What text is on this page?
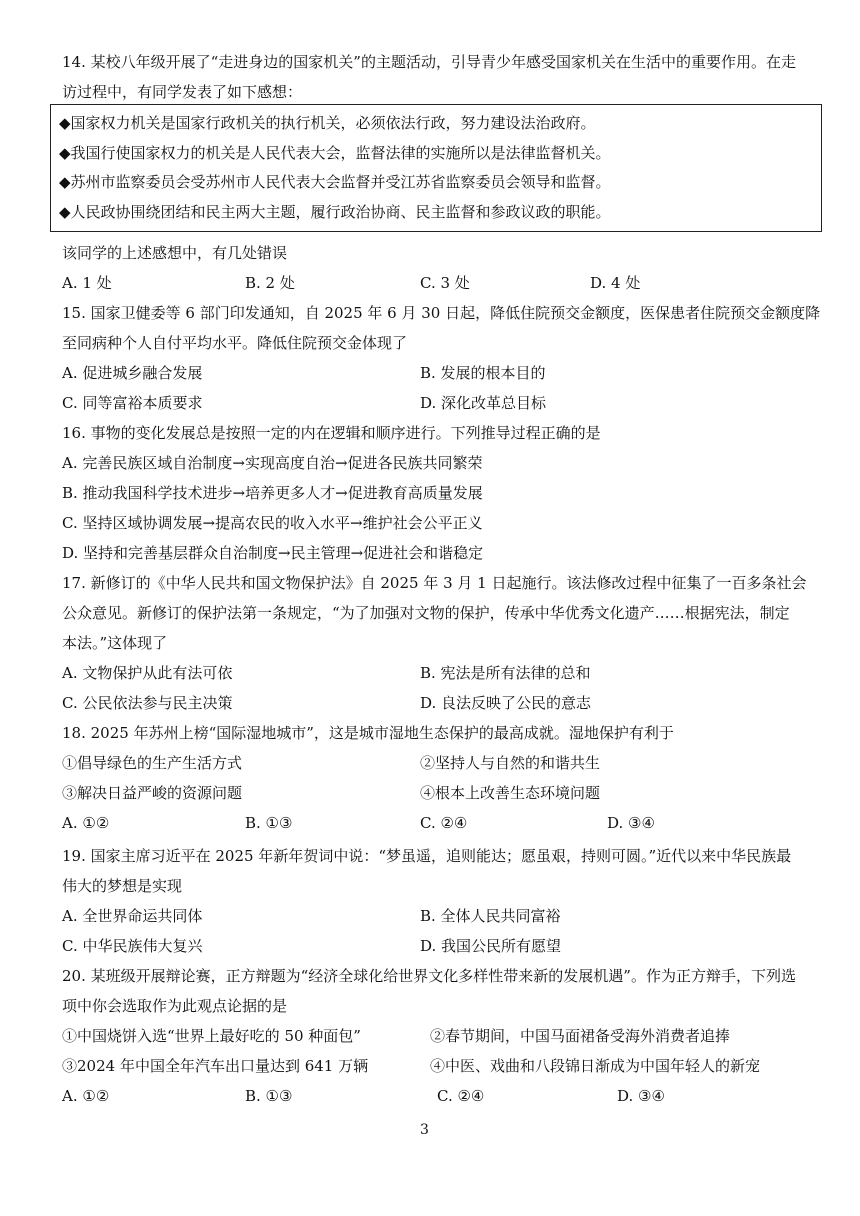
14. 某校八年级开展了“走进身边的国家机关”的主题活动，引导青少年感受国家机关在生活中的重要作用。在走
访过程中，有同学发表了如下感想：
◆国家权力机关是国家行政机关的执行机关，必须依法行政，努力建设法治政府。
◆我国行使国家权力的机关是人民代表大会，监督法律的实施所以是法律监督机关。
◆苏州市监察委员会受苏州市人民代表大会监督并受江苏省监察委员会领导和监督。
◆人民政协围绕团结和民主两大主题，履行政治协商、民主监督和参政议政的职能。
该同学的上述感想中，有几处错误
A. 1 处	B. 2 处	C. 3 处	D. 4 处
15. 国家卫健委等 6 部门印发通知，自 2025 年 6 月 30 日起，降低住院预交金额度，医保患者住院预交金额度降
至同病种个人自付平均水平。降低住院预交金体现了
A. 促进城乡融合发展	B. 发展的根本目的
C. 同等富裕本质要求	D. 深化改革总目标
16. 事物的变化发展总是按照一定的内在逻辑和顺序进行。下列推导过程正确的是
A. 完善民族区域自治制度→实现高度自治→促进各民族共同繁荣
B. 推动我国科学技术进步→培养更多人才→促进教育高质量发展
C. 坚持区域协调发展→提高农民的收入水平→维护社会公平正义
D. 坚持和完善基层群众自治制度→民主管理→促进社会和谐稳定
17. 新修订的《中华人民共和国文物保护法》自 2025 年 3 月 1 日起施行。该法修改过程中征集了一百多条社会
公众意见。新修订的保护法第一条规定，“为了加强对文物的保护，传承中华优秀文化遗产……根据宪法，制定
本法。”这体现了
A. 文物保护从此有法可依	B. 宪法是所有法律的总和
C. 公民依法参与民主决策	D. 良法反映了公民的意志
18. 2025 年苏州上榜“国际湿地城市”，这是城市湿地生态保护的最高成就。湿地保护有利于
①倡导绿色的生产生活方式	②坚持人与自然的和谐共生
③解决日益严峻的资源问题	④根本上改善生态环境问题
A. ①②	B. ①③	C. ②④	D. ③④
19. 国家主席习近平在 2025 年新年贺词中说：“梦虽遥，追则能达；愿虽艰，持则可圆。”近代以来中华民族最
伟大的梦想是实现
A. 全世界命运共同体	B. 全体人民共同富裕
C. 中华民族伟大复兴	D. 我国公民所有愿望
20. 某班级开展辩论赛，正方辩题为“经济全球化给世界文化多样性带来新的发展机遇”。作为正方辩手，下列选
项中你会选取作为此观点论据的是
①中国烧饼入选“世界上最好吃的 50 种面包”	②春节期间，中国马面裙备受海外消费者追捧
③2024 年中国全年汽车出口量达到 641 万辆	④中医、戏曲和八段锦日渐成为中国年轻人的新宠
A. ①②	B. ①③	C. ②④	D. ③④
3
